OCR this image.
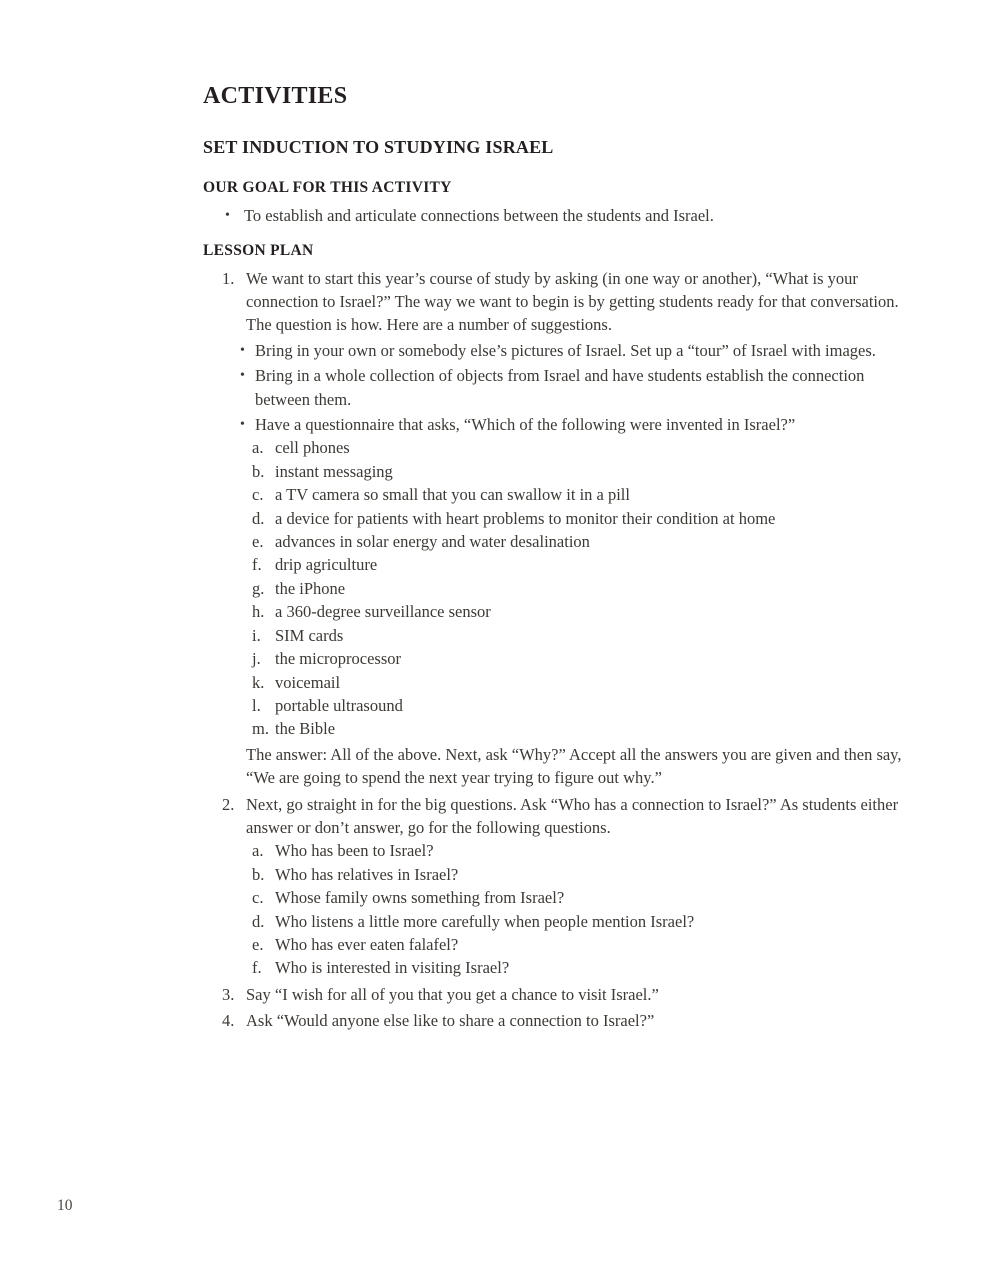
ACTIVITIES
SET INDUCTION TO STUDYING ISRAEL
OUR GOAL FOR THIS ACTIVITY
• To establish and articulate connections between the students and Israel.
LESSON PLAN
1. We want to start this year’s course of study by asking (in one way or another), “What is your connection to Israel?” The way we want to begin is by getting students ready for that conversation. The question is how. Here are a number of suggestions.
• Bring in your own or somebody else’s pictures of Israel. Set up a “tour” of Israel with images.
• Bring in a whole collection of objects from Israel and have students establish the connection between them.
• Have a questionnaire that asks, “Which of the following were invented in Israel?”
a. cell phones
b. instant messaging
c. a TV camera so small that you can swallow it in a pill
d. a device for patients with heart problems to monitor their condition at home
e. advances in solar energy and water desalination
f. drip agriculture
g. the iPhone
h. a 360-degree surveillance sensor
i. SIM cards
j. the microprocessor
k. voicemail
l. portable ultrasound
m. the Bible
The answer: All of the above. Next, ask “Why?” Accept all the answers you are given and then say, “We are going to spend the next year trying to figure out why.”
2. Next, go straight in for the big questions. Ask “Who has a connection to Israel?” As students either answer or don’t answer, go for the following questions.
a. Who has been to Israel?
b. Who has relatives in Israel?
c. Whose family owns something from Israel?
d. Who listens a little more carefully when people mention Israel?
e. Who has ever eaten falafel?
f. Who is interested in visiting Israel?
3. Say “I wish for all of you that you get a chance to visit Israel.”
4. Ask “Would anyone else like to share a connection to Israel?”
10
